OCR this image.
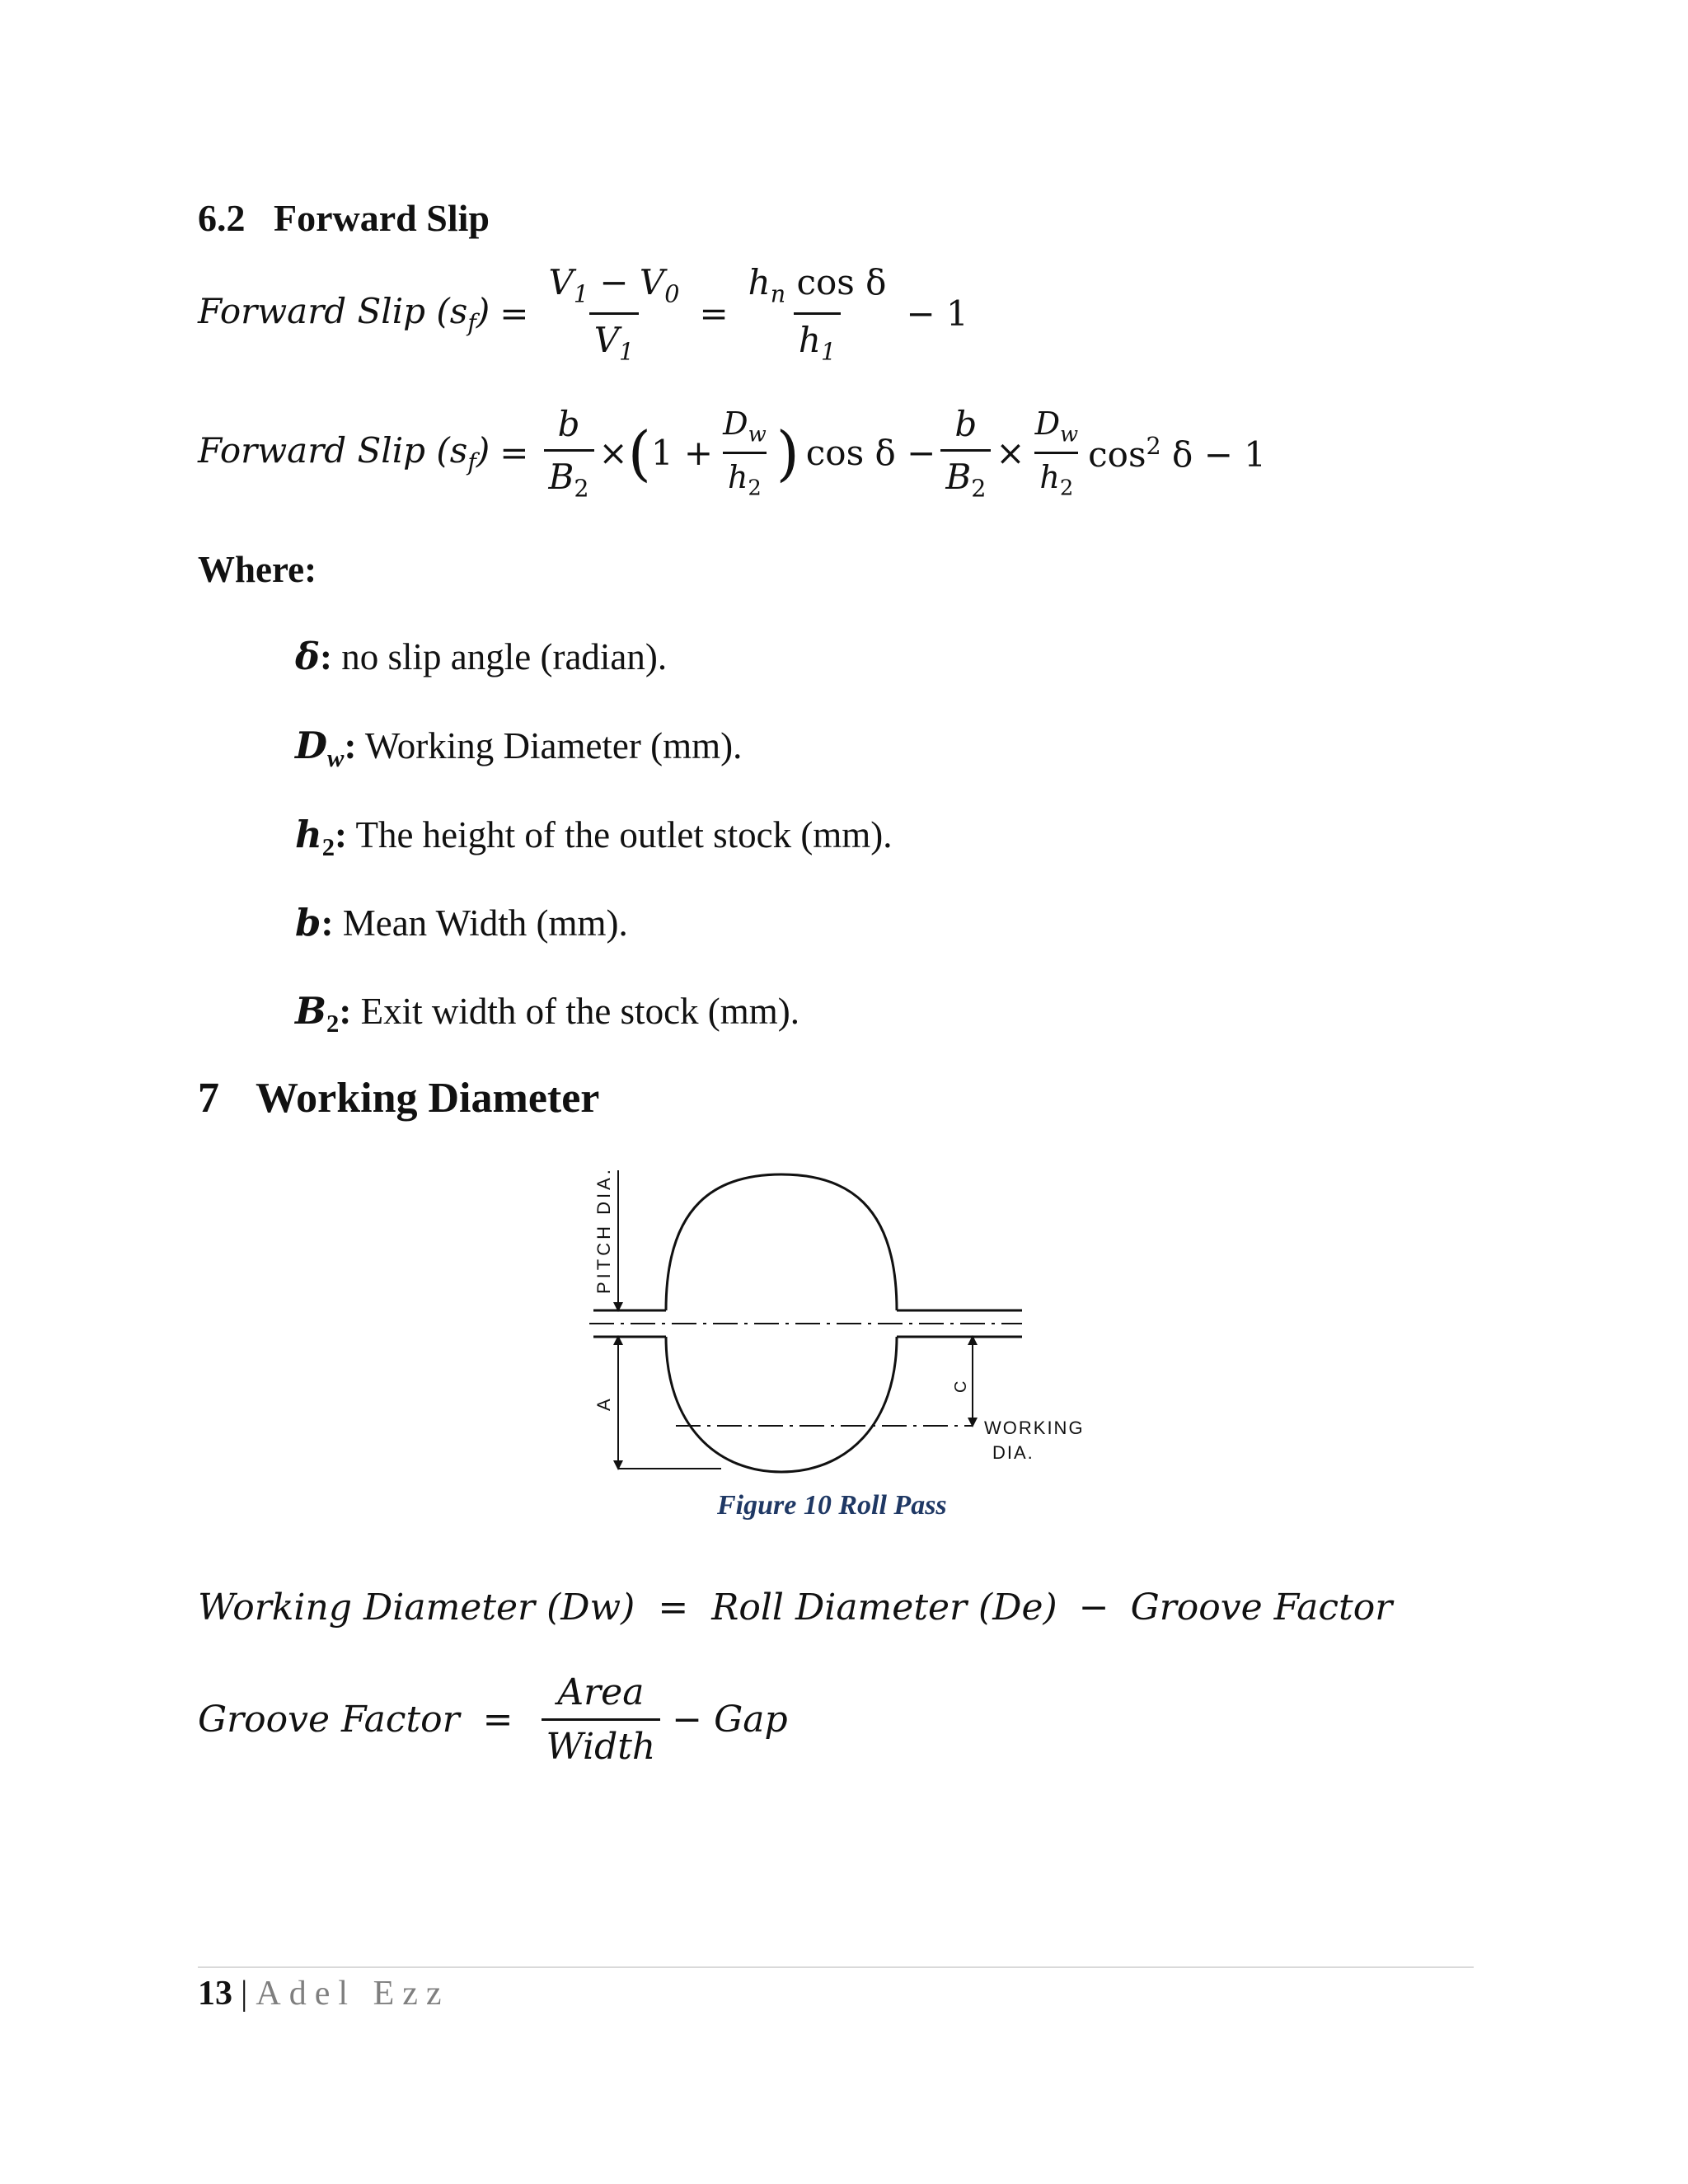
6.2 Forward Slip
Forward Slip $(s_f) = \frac{V_1 - V_0}{V_1} = \frac{h_n \cos \delta}{h_1} - 1$
Forward Slip $(s_f) = \frac{b}{B_2}$ × ( $1 + \frac{D_w}{h_2}$ ) $\cos \delta - \frac{b}{B_2} \times \frac{D_w}{h_2} \cos^2 \delta - 1$
Where:
δ: no slip angle (radian).
$D_w$: Working Diameter (mm).
$h_2$: The height of the outlet stock (mm).
b: Mean Width (mm).
$B_2$: Exit width of the stock (mm).
7 Working Diameter
PITCH DIA.
A
C
WORKING
DIA.
Figure 10 Roll Pass
Working Diameter (Dw) = Roll Diameter (De) − Groove Factor
Groove Factor = $\frac{\text{Area}}{\text{Width}}$ − Gap
13 | Adel Ezz
